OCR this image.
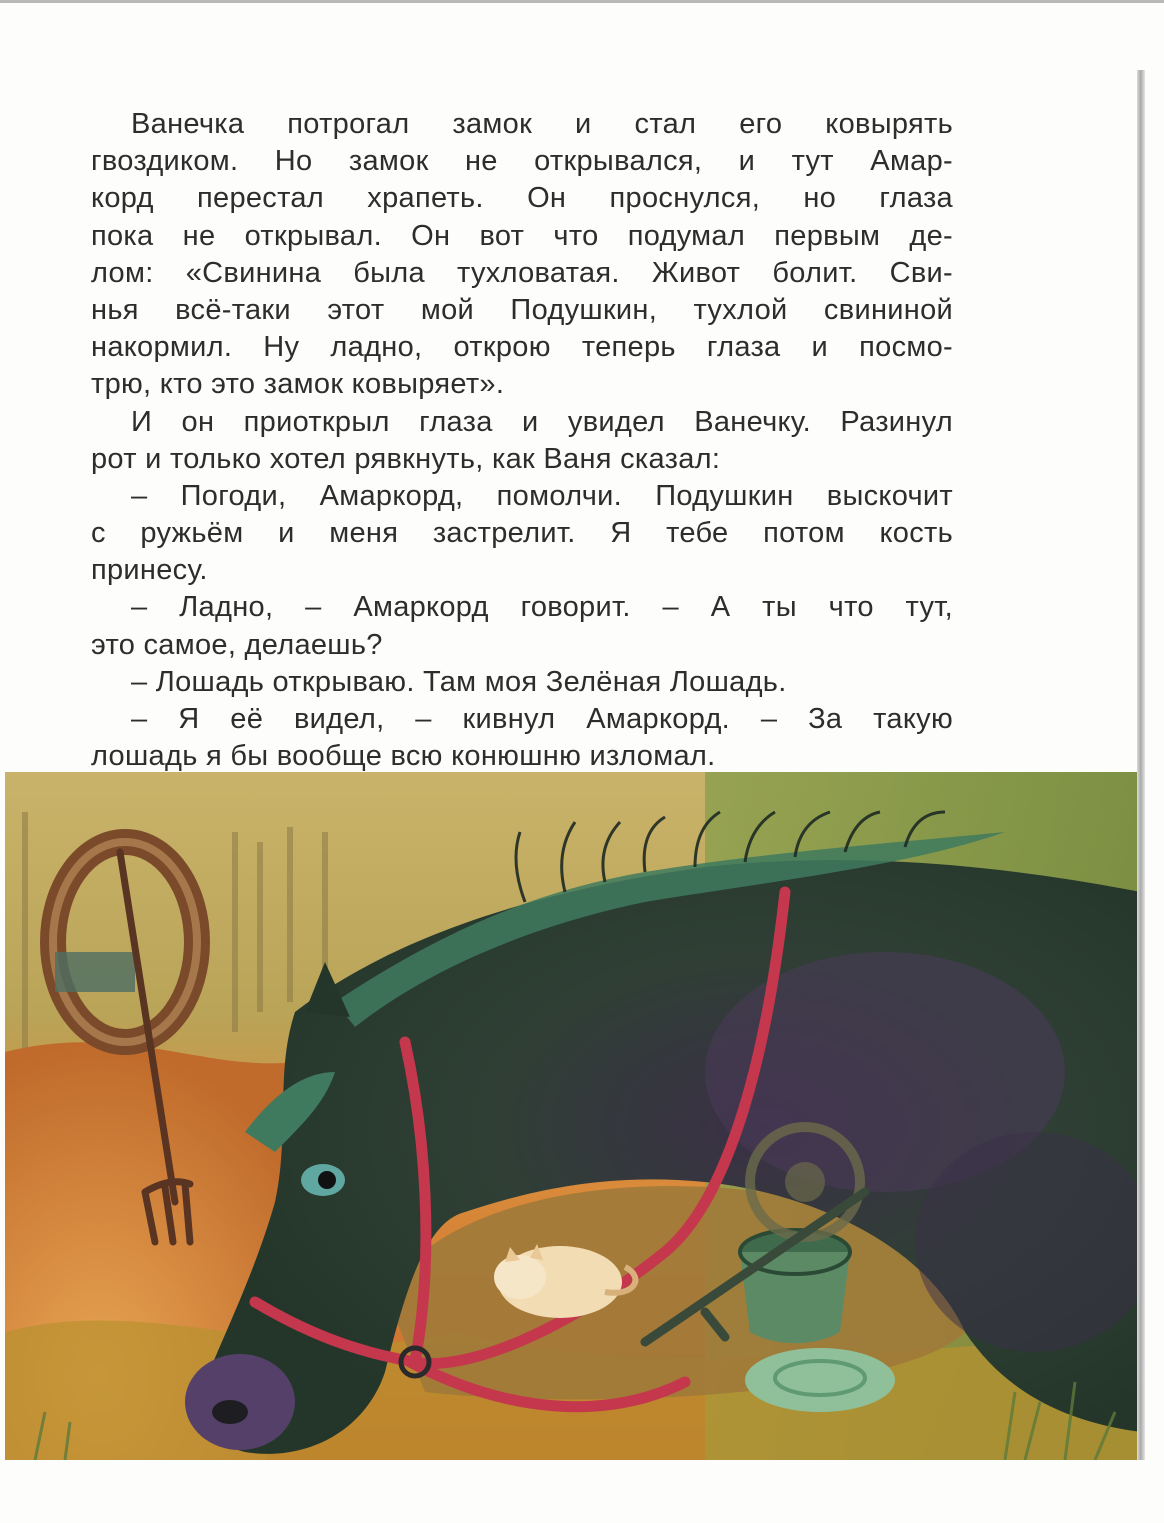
Ванечка потрогал замок и стал его ковырять
гвоздиком. Но замок не открывался, и тут Амар-
корд перестал храпеть. Он проснулся, но глаза
пока не открывал. Он вот что подумал первым де-
лом: «Свинина была тухловатая. Живот болит. Сви-
нья всё-таки этот мой Подушкин, тухлой свининой
накормил. Ну ладно, открою теперь глаза и посмо-
трю, кто это замок ковыряет».
И он приоткрыл глаза и увидел Ванечку. Разинул
рот и только хотел рявкнуть, как Ваня сказал:
– Погоди, Амаркорд, помолчи. Подушкин выскочит
с ружьём и меня застрелит. Я тебе потом кость
принесу.
– Ладно, – Амаркорд говорит. – А ты что тут,
это самое, делаешь?
– Лошадь открываю. Там моя Зелёная Лошадь.
– Я её видел, – кивнул Амаркорд. – За такую
лошадь я бы вообще всю конюшню изломал.
